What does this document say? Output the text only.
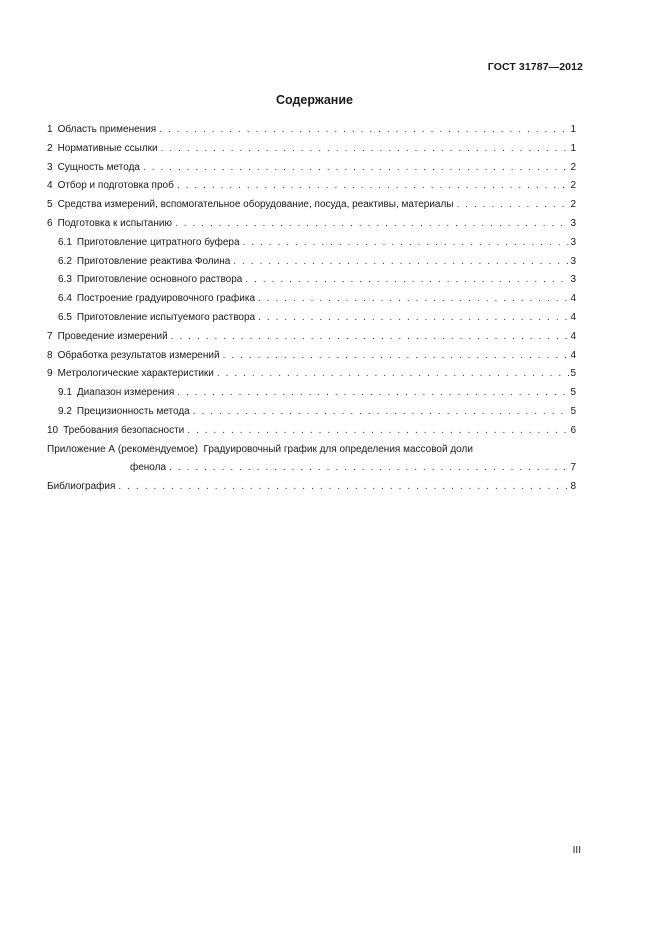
ГОСТ 31787—2012
Содержание
1 Область применения . . .	1
2 Нормативные ссылки . . .	1
3 Сущность метода . . .	2
4 Отбор и подготовка проб . . .	2
5 Средства измерений, вспомогательное оборудование, посуда, реактивы, материалы . . .	2
6 Подготовка к испытанию . . .	3
6.1 Приготовление цитратного буфера . . .	3
6.2 Приготовление реактива Фолина . . .	3
6.3 Приготовление основного раствора . . .	3
6.4 Построение градуировочного графика . . .	4
6.5 Приготовление испытуемого раствора . . .	4
7 Проведение измерений . . .	4
8 Обработка результатов измерений . . .	4
9 Метрологические характеристики . . .	5
9.1 Диапазон измерения . . .	5
9.2 Прецизионность метода . . .	5
10 Требования безопасности . . .	6
Приложение А (рекомендуемое) Градуировочный график для определения массовой доли
фенола . . .	7
Библиография . . .	8
III
